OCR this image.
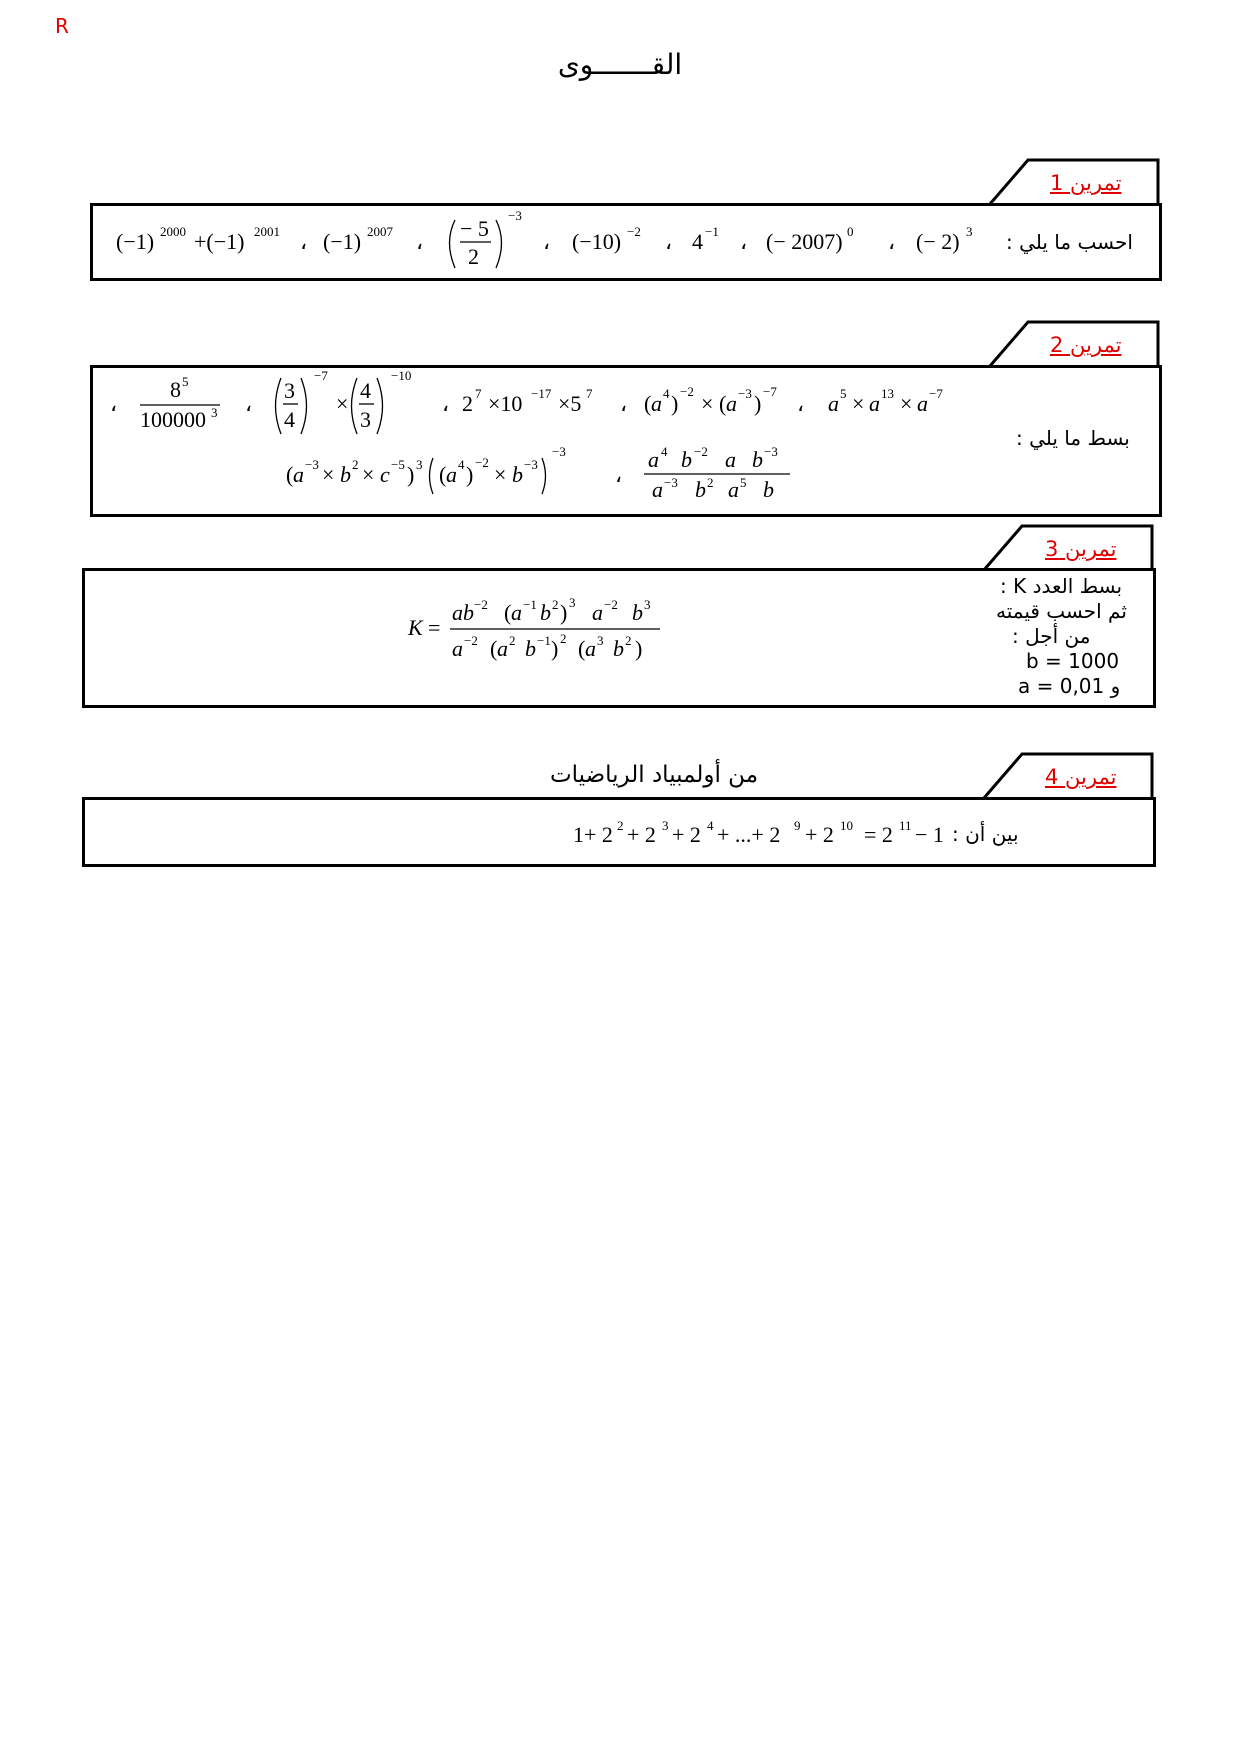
R
القـــــــوى
تمرين 1
احسب ما يلي :
(−1) 2000 +(−1) 2001 ، (−1) 2007 ،
− 5
2
−3
، (−10) −2 ، 4 −1 ، (− 2007) 0 ، (− 2) 3
تمرين 2
بسط ما يلي :
،
8 5
100000 3 ،
3
4
−7
×
4
3
−10
، 2 7 ×10 −17 ×5 7 ، ( a 4 ) −2 × ( a −3 ) −7 ، a 5 × a 13 × a −7
( a −3 × b 2 × c −5 ) 3 ( a 4 ) −2 × b −3
−3
،
a 4 b −2 a b −3
a −3 b 2 a 5 b
تمرين 3
بسط العدد K :
ثم احسب قيمته
من أجل :
b = 1000
و a = 0,01
K =
ab −2 ( a −1 b 2 ) 3 a −2 b 3
a −2 ( a 2 b −1 ) 2 ( a 3 b 2 )
تمرين 4
من أولمبياد الرياضيات
بين أن :
1+ 2 2 + 2 3 + 2 4 + ...+ 2 9 + 2 10 = 2 11 − 1
